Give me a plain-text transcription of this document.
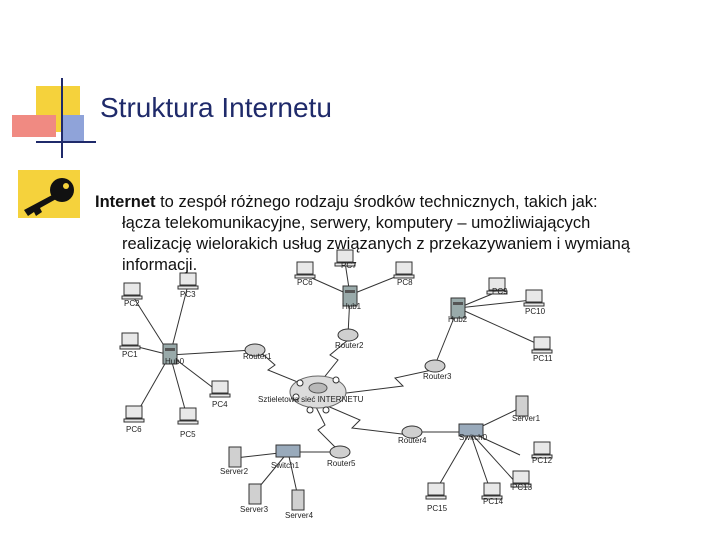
Struktura Internetu
PC2
PC3
PC1
Hub0
PC4
PC5
PC6
Router1
PC6
PC7
PC8
Hub1
Router2
PC9
PC10
PC11
Hub2
Router3
Sztieletowa sieć INTERNETU
Router4	Switch0
Server1
PC12
PC13
PC14
PC15
Router5
Switch1
Server2
Server3
Server4
Internet to zespół różnego rodzaju środków technicznych, takich jak:
łącza telekomunikacyjne, serwery, komputery – umożliwiających
realizację wielorakich usług związanych z przekazywaniem i wymianą
informacji.
